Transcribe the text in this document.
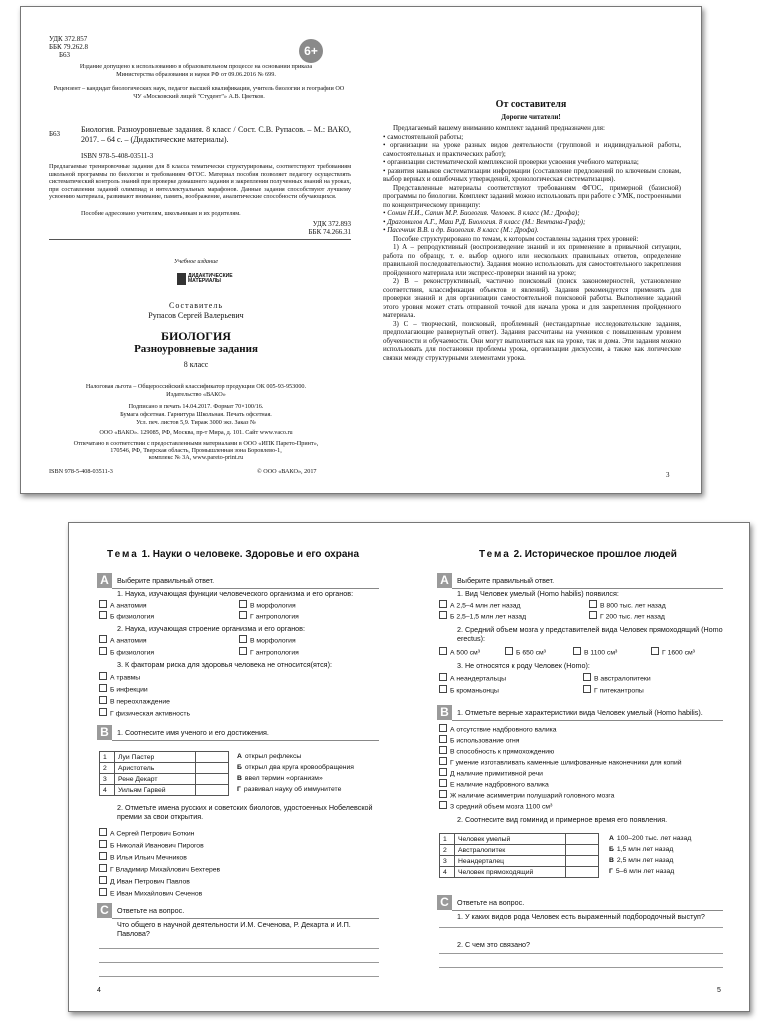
УДК 372.857
ББК 79.262.8
Б63	6+
Издание допущено к использованию в образовательном процессе на основании приказа Министерства образования и науки РФ от 09.06.2016 № 699.
Рецензент – кандидат биологических наук, педагог высшей квалификации, учитель биологии и географии ОО ЧУ «Московский лицей "Студент"» А.В. Цветков.
Б63	Биология. Разноуровневые задания. 8 класс / Сост. С.В. Рупасов. – М.: ВАКО, 2017. – 64 с. – (Дидактические материалы).
ISBN 978-5-408-03511-3
Предлагаемые тренировочные задания для 8 класса тематически структурированы, соответствуют требованиям школьной программы по биологии и требованиям ФГОС. Материал пособия позволяет педагогу осуществлять систематический контроль знаний при проверке домашнего задания и закреплении полученных знаний на уроках, при составлении заданий олимпиад и интеллектуальных марафонов. Данные задания способствуют лучшему усвоению материала, развивают внимание, память, воображение, аналитические способности обучающихся.
Пособие адресовано учителям, школьникам и их родителям.
УДК 372.893
ББК 74.266.31
Учебное издание
ДИДАКТИЧЕСКИЕ МАТЕРИАЛЫ
Составитель
Рупасов Сергей Валерьевич
БИОЛОГИЯ
Разноуровневые задания
8 класс
Налоговая льгота – Общероссийский классификатор продукции ОК 005-93-953000.
Издательство «ВАКО»
Подписано в печать 14.04.2017. Формат 70×100/16.
Бумага офсетная. Гарнитура Школьная. Печать офсетная.
Усл. печ. листов 5,9. Тираж 3000 экз. Заказ №
ООО «ВАКО». 129085, РФ, Москва, пр-т Мира, д. 101. Сайт www.vaco.ru
Отпечатано в соответствии с предоставленными материалами в ООО «ИПК Парето-Принт»,
170546, РФ, Тверская область, Промышленная зона Боровлево-1,
комплекс № 3А, www.pareto-print.ru
ISBN 978-5-408-03511-3	© ООО «ВАКО», 2017
От составителя
Дорогие читатели!
Предлагаемый вашему вниманию комплект заданий предназначен для:
• самостоятельной работы;
• организации на уроке разных видов деятельности (групповой и индивидуальной работы, самостоятельных и практических работ);
• организации систематической комплексной проверки усвоения учебного материала;
• развития навыков систематизации информации (составление предложений по ключевым словам, выбор верных и ошибочных утверждений, хронологическая систематизация).
Представленные материалы соответствуют требованиям ФГОС, примерной (базисной) программы по биологии. Комплект заданий можно использовать при работе с УМК, построенными по концентрическому принципу:
• Сонин Н.И., Сапин М.Р. Биология. Человек. 8 класс (М.: Дрофа);
• Драгомилов А.Г., Маш Р.Д. Биология. 8 класс (М.: Вентана-Граф);
• Пасечник В.В. и др. Биология. 8 класс (М.: Дрофа).
Пособие структурировано по темам, к которым составлены задания трех уровней:
1) А – репродуктивный (воспроизведение знаний и их применение в привычной ситуации, работа по образцу, т. е. выбор одного или нескольких правильных ответов, определение правильной последовательности). Задания можно использовать для самостоятельного закрепления пройденного материала или экспресс-проверки знаний на уроке;
2) В – реконструктивный, частично поисковый (поиск закономерностей, установление соответствия, классификация объектов и явлений). Задания рекомендуется применять для проверки знаний и для организации самостоятельной поисковой работы. Выполнение заданий этого уровня может стать отправной точкой для начала урока и для закрепления пройденного материала.
3) С – творческий, поисковый, проблемный (нестандартные исследовательские задания, предполагающие развернутый ответ). Задания рассчитаны на учеников с повышенным уровнем обученности и обучаемости. Они могут выполняться как на уроке, так и дома. Эти задания можно использовать для постановки проблемы урока, организации дискуссии, а также как логические связки между структурными элементами урока.
3
Тема 1. Науки о человеке. Здоровье и его охрана
A	Выберите правильный ответ.
1. Наука, изучающая функции человеческого организма и его органов:
А анатомия
Б физиология
В морфология
Г антропология
2. Наука, изучающая строение организма и его органов:
А анатомия
Б физиология
В морфология
Г антропология
3. К факторам риска для здоровья человека не относится(ятся):
А травмы
Б инфекции
В переохлаждение
Г физическая активность
B	1. Соотнесите имя ученого и его достижения.
1	Луи Пастер	
2	Аристотель	
3	Рене Декарт	
4	Уильям Гарвей	
А открыл рефлексы
Б открыл два круга кровообращения
В ввел термин «организм»
Г развивал науку об иммунитете
2. Отметьте имена русских и советских биологов, удостоенных Нобелевской премии за свои открытия.
А Сергей Петрович Боткин
Б Николай Иванович Пирогов
В Илья Ильич Мечников
Г Владимир Михайлович Бехтерев
Д Иван Петрович Павлов
Е Иван Михайлович Сеченов
C	Ответьте на вопрос.
Что общего в научной деятельности И.М. Сеченова, Р. Декарта и И.П. Павлова?
4
Тема 2. Историческое прошлое людей
A	Выберите правильный ответ.
1. Вид Человек умелый (Homo habilis) появился:
А 2,5–4 млн лет назад
Б 2,5–1,5 млн лет назад
В 800 тыс. лет назад
Г 200 тыс. лет назад
2. Средний объем мозга у представителей вида Человек прямоходящий (Homo erectus):
А 500 см³	Б 650 см³	В 1100 см³	Г 1600 см³
3. Не относятся к роду Человек (Homo):
А неандертальцы
Б кроманьонцы
В австралопитеки
Г питекантропы
B	1. Отметьте верные характеристики вида Человек умелый (Homo habilis).
А отсутствие надбровного валика
Б использование огня
В способность к прямохождению
Г умение изготавливать каменные шлифованные наконечники для копий
Д наличие примитивной речи
Е наличие надбровного валика
Ж наличие асимметрии полушарий головного мозга
З средний объем мозга 1100 см³
2. Соотнесите вид гоминид и примерное время его появления.
1	Человек умелый	
2	Австралопитек	
3	Неандерталец	
4	Человек прямоходящий	
А 100–200 тыс. лет назад
Б 1,5 млн лет назад
В 2,5 млн лет назад
Г 5–6 млн лет назад
C	Ответьте на вопрос.
1. У каких видов рода Человек есть выраженный подбородочный выступ?
2. С чем это связано?
5
